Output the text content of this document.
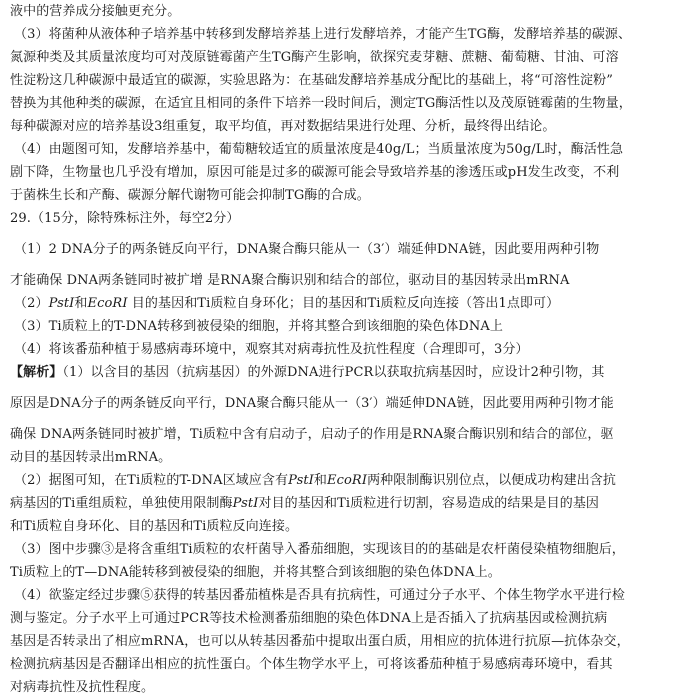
液中的营养成分接触更充分。

（3）将菌种从液体种子培养基中转移到发酵培养基上进行发酵培养，才能产生TG酶，发酵培养基的碳源、

氮源种类及其质量浓度均可对茂原链霉菌产生TG酶产生影响，欲探究麦芽糖、蔗糖、葡萄糖、甘油、可溶

性淀粉这几种碳源中最适宜的碳源，实验思路为：在基础发酵培养基成分配比的基础上，将“可溶性淀粉”

替换为其他种类的碳源，在适宜且相同的条件下培养一段时间后，测定TG酶活性以及茂原链霉菌的生物量，

每种碳源对应的培养基设3组重复，取平均值，再对数据结果进行处理、分析，最终得出结论。

（4）由题图可知，发酵培养基中，葡萄糖较适宜的质量浓度是40g/L；当质量浓度为50g/L时，酶活性急

剧下降，生物量也几乎没有增加，原因可能是过多的碳源可能会导致培养基的渗透压或pH发生改变，不利

于菌株生长和产酶、碳源分解代谢物可能会抑制TG酶的合成。

29.（15分，除特殊标注外，每空2分）

（1）2 DNA分子的两条链反向平行，DNA聚合酶只能从一（3′）端延伸DNA链，因此要用两种引物

才能确保 DNA两条链同时被扩增 是RNA聚合酶识别和结合的部位，驱动目的基因转录出mRNA

（2）PstⅠ和EcoRⅠ 目的基因和Ti质粒自身环化；目的基因和Ti质粒反向连接（答出1点即可）

（3）Ti质粒上的T-DNA转移到被侵染的细胞，并将其整合到该细胞的染色体DNA上

（4）将该番茄种植于易感病毒环境中，观察其对病毒抗性及抗性程度（合理即可，3分）

【解析】（1）以含目的基因（抗病基因）的外源DNA进行PCR以获取抗病基因时，应设计2种引物，其

原因是DNA分子的两条链反向平行，DNA聚合酶只能从一（3′）端延伸DNA链，因此要用两种引物才能

确保 DNA两条链同时被扩增，Ti质粒中含有启动子，启动子的作用是RNA聚合酶识别和结合的部位，驱

动目的基因转录出mRNA。

（2）据图可知，在Ti质粒的T-DNA区域应含有PstⅠ和EcoRⅠ两种限制酶识别位点，以便成功构建出含抗

病基因的Ti重组质粒，单独使用限制酶PstⅠ对目的基因和Ti质粒进行切割，容易造成的结果是目的基因

和Ti质粒自身环化、目的基因和Ti质粒反向连接。

（3）图中步骤③是将含重组Ti质粒的农杆菌导入番茄细胞，实现该目的的基础是农杆菌侵染植物细胞后，

Ti质粒上的T—DNA能转移到被侵染的细胞，并将其整合到该细胞的染色体DNA上。

（4）欲鉴定经过步骤⑤获得的转基因番茄植株是否具有抗病性，可通过分子水平、个体生物学水平进行检

测与鉴定。分子水平上可通过PCR等技术检测番茄细胞的染色体DNA上是否插入了抗病基因或检测抗病

基因是否转录出了相应mRNA，也可以从转基因番茄中提取出蛋白质，用相应的抗体进行抗原—抗体杂交，

检测抗病基因是否翻译出相应的抗性蛋白。个体生物学水平上，可将该番茄种植于易感病毒环境中，看其

对病毒抗性及抗性程度。
